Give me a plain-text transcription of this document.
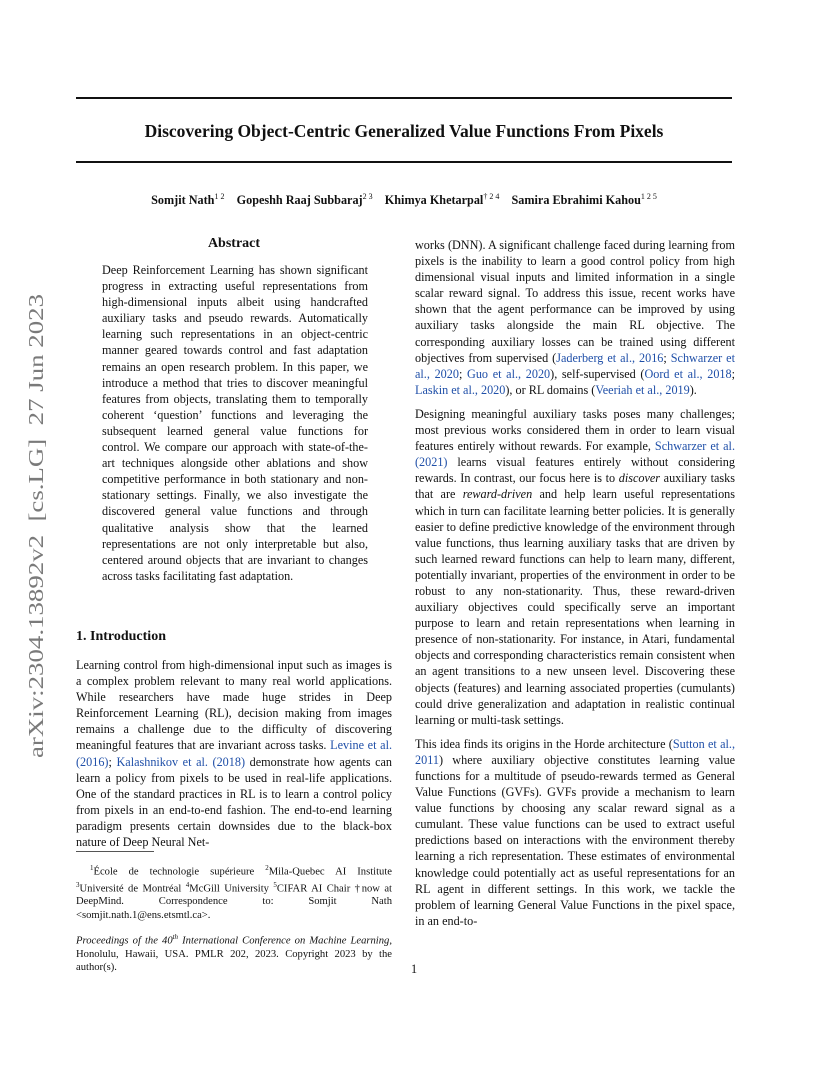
Discovering Object-Centric Generalized Value Functions From Pixels
Somjit Nath$^{1 2}$ Gopeshh Raaj Subbaraj$^{2 3}$ Khimya Khetarpal$^{\dagger 2 4}$ Samira Ebrahimi Kahou$^{1 2 5}$
arXiv:2304.13892v2  [cs.LG]  27 Jun 2023
Abstract

Deep Reinforcement Learning has shown significant progress in extracting useful representations from high-dimensional inputs albeit using handcrafted auxiliary tasks and pseudo rewards. Automatically learning such representations in an object-centric manner geared towards control and fast adaptation remains an open research problem. In this paper, we introduce a method that tries to discover meaningful features from objects, translating them to temporally coherent ‘question’ functions and leveraging the subsequent learned general value functions for control. We compare our approach with state-of-the-art techniques alongside other ablations and show competitive performance in both stationary and non-stationary settings. Finally, we also investigate the discovered general value functions and through qualitative analysis show that the learned representations are not only interpretable but also, centered around objects that are invariant to changes across tasks facilitating fast adaptation.

1. Introduction

Learning control from high-dimensional input such as images is a complex problem relevant to many real world applications. While researchers have made huge strides in Deep Reinforcement Learning (RL), decision making from images remains a challenge due to the difficulty of discovering meaningful features that are invariant across tasks. Levine et al. (2016); Kalashnikov et al. (2018) demonstrate how agents can learn a policy from pixels to be used in real-life applications. One of the standard practices in RL is to learn a control policy from pixels in an end-to-end fashion. The end-to-end learning paradigm presents certain downsides due to the black-box nature of Deep Neural Net-

$^1$École de technologie supérieure $^2$Mila-Quebec AI Institute $^3$Université de Montréal $^4$McGill University $^5$CIFAR AI Chair †now at DeepMind. Correspondence to: Somjit Nath <somjit.nath.1@ens.etsmtl.ca>.

Proceedings of the 40th International Conference on Machine Learning, Honolulu, Hawaii, USA. PMLR 202, 2023. Copyright 2023 by the author(s).

works (DNN). A significant challenge faced during learning from pixels is the inability to learn a good control policy from high dimensional visual inputs and limited information in a single scalar reward signal. To address this issue, recent works have shown that the agent performance can be improved by using auxiliary tasks alongside the main RL objective. The corresponding auxiliary losses can be trained using different objectives from supervised (Jaderberg et al., 2016; Schwarzer et al., 2020; Guo et al., 2020), self-supervised (Oord et al., 2018; Laskin et al., 2020), or RL domains (Veeriah et al., 2019).

Designing meaningful auxiliary tasks poses many challenges; most previous works considered them in order to learn visual features entirely without rewards. For example, Schwarzer et al. (2021) learns visual features entirely without considering rewards. In contrast, our focus here is to discover auxiliary tasks that are reward-driven and help learn useful representations which in turn can facilitate learning better policies. It is generally easier to define predictive knowledge of the environment through value functions, thus learning auxiliary tasks that are driven by such learned reward functions can help to learn many, different, potentially invariant, properties of the environment in order to be robust to any non-stationarity. Thus, these reward-driven auxiliary objectives could specifically serve an important purpose to learn and retain representations when learning in presence of non-stationarity. For instance, in Atari, fundamental objects and corresponding characteristics remain consistent when an agent transitions to a new unseen level. Discovering these objects (features) and learning associated properties (cumulants) could drive generalization and adaptation in realistic continual learning or multi-task settings.

This idea finds its origins in the Horde architecture (Sutton et al., 2011) where auxiliary objective constitutes learning value functions for a multitude of pseudo-rewards termed as General Value Functions (GVFs). GVFs provide a mechanism to learn value functions by choosing any scalar reward signal as a cumulant. These value functions can be used to extract useful predictions based on interactions with the environment thereby learning a rich representation. These estimates of environmental knowledge could potentially act as useful representations for an RL agent in different settings. In this work, we tackle the problem of learning General Value Functions in the pixel space, in an end-to-

1
